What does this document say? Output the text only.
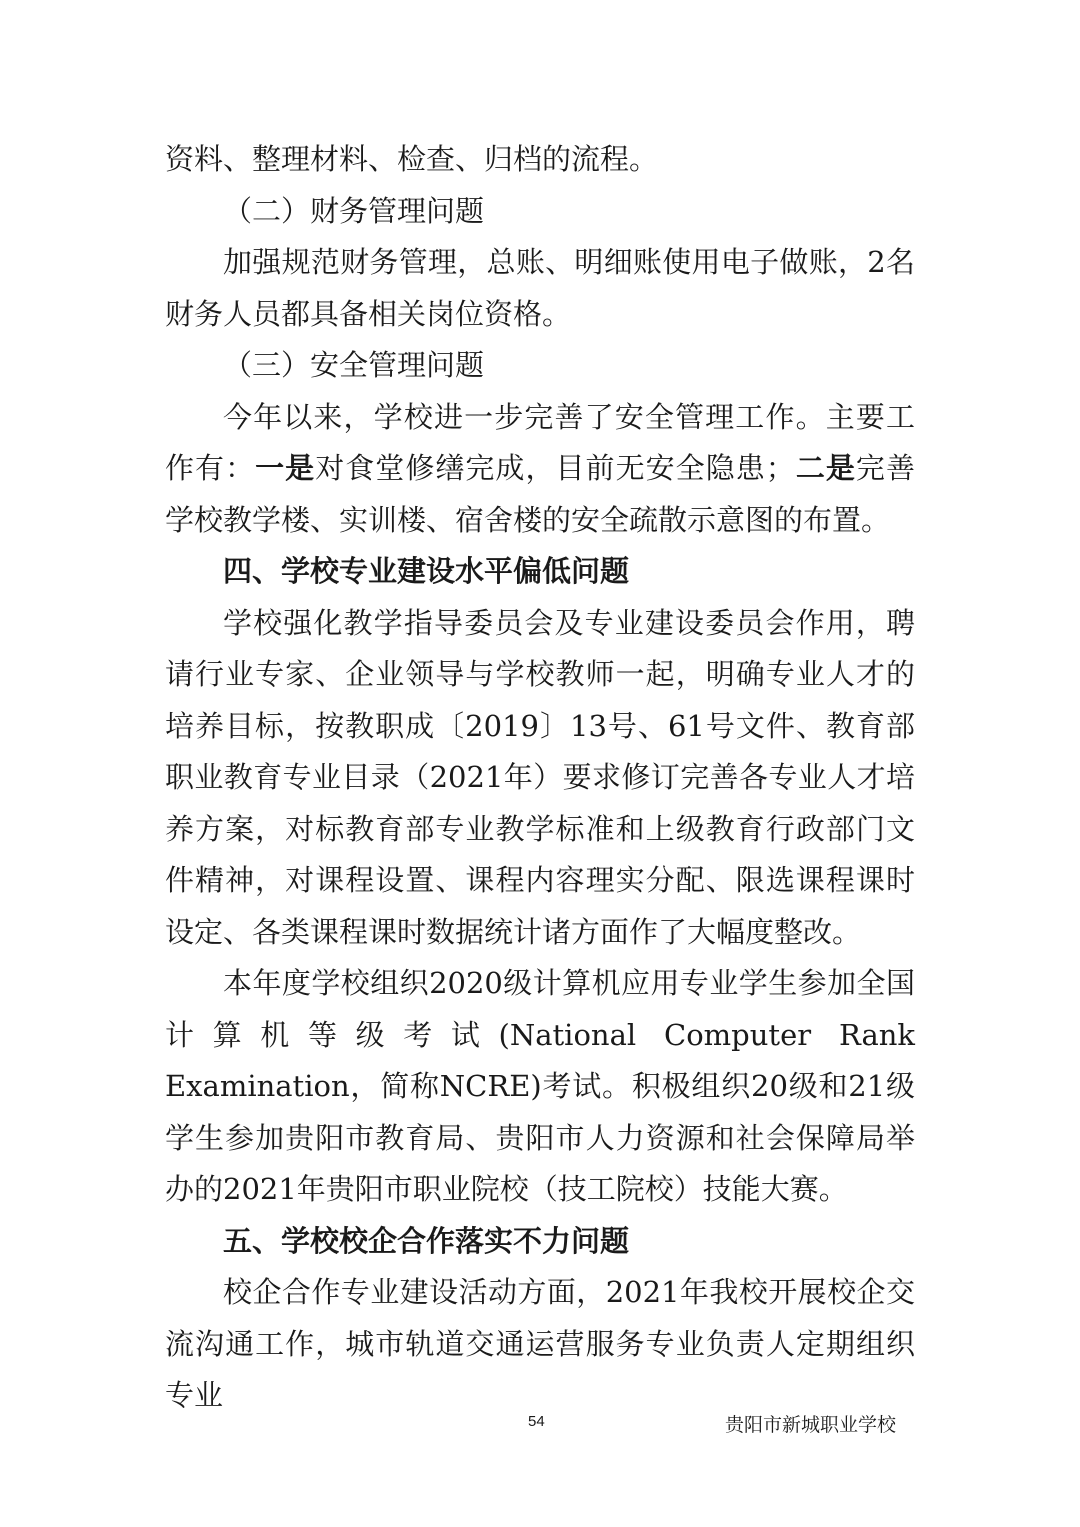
资料、整理材料、检查、归档的流程。

（二）财务管理问题

加强规范财务管理，总账、明细账使用电子做账，2名财务人员都具备相关岗位资格。

（三）安全管理问题

今年以来，学校进一步完善了安全管理工作。主要工作有：一是对食堂修缮完成，目前无安全隐患；二是完善学校教学楼、实训楼、宿舍楼的安全疏散示意图的布置。

四、学校专业建设水平偏低问题

学校强化教学指导委员会及专业建设委员会作用，聘请行业专家、企业领导与学校教师一起，明确专业人才的培养目标，按教职成〔2019〕13号、61号文件、教育部职业教育专业目录（2021年）要求修订完善各专业人才培养方案，对标教育部专业教学标准和上级教育行政部门文件精神，对课程设置、课程内容理实分配、限选课程课时设定、各类课程课时数据统计诸方面作了大幅度整改。

本年度学校组织2020级计算机应用专业学生参加全国计算机等级考试(National Computer Rank Examination，简称NCRE)考试。积极组织20级和21级学生参加贵阳市教育局、贵阳市人力资源和社会保障局举办的2021年贵阳市职业院校（技工院校）技能大赛。

五、学校校企合作落实不力问题

校企合作专业建设活动方面，2021年我校开展校企交流沟通工作，城市轨道交通运营服务专业负责人定期组织专业

54	贵阳市新城职业学校
